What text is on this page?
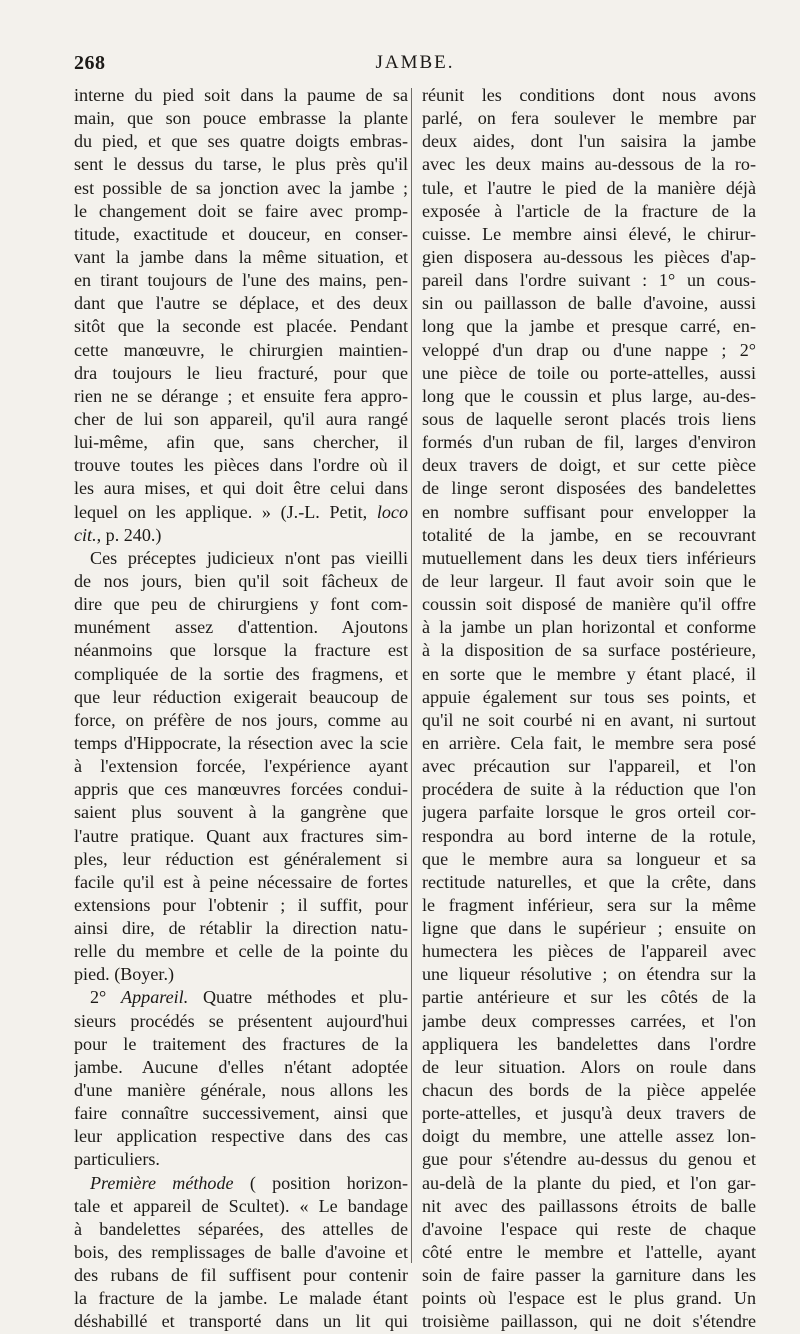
268	JAMBE.
interne du pied soit dans la paume de sa
main, que son pouce embrasse la plante
du pied, et que ses quatre doigts embras-
sent le dessus du tarse, le plus près qu'il
est possible de sa jonction avec la jambe ;
le changement doit se faire avec promp-
titude, exactitude et douceur, en conser-
vant la jambe dans la même situation, et
en tirant toujours de l'une des mains, pen-
dant que l'autre se déplace, et des deux
sitôt que la seconde est placée. Pendant
cette manœuvre, le chirurgien maintien-
dra toujours le lieu fracturé, pour que
rien ne se dérange ; et ensuite fera appro-
cher de lui son appareil, qu'il aura rangé
lui-même, afin que, sans chercher, il
trouve toutes les pièces dans l'ordre où il
les aura mises, et qui doit être celui dans
lequel on les applique. » (J.-L. Petit, loco
cit., p. 240.)
Ces préceptes judicieux n'ont pas vieilli
de nos jours, bien qu'il soit fâcheux de
dire que peu de chirurgiens y font com-
munément assez d'attention. Ajoutons
néanmoins que lorsque la fracture est
compliquée de la sortie des fragmens, et
que leur réduction exigerait beaucoup de
force, on préfère de nos jours, comme au
temps d'Hippocrate, la résection avec la scie
à l'extension forcée, l'expérience ayant
appris que ces manœuvres forcées condui-
saient plus souvent à la gangrène que
l'autre pratique. Quant aux fractures sim-
ples, leur réduction est généralement si
facile qu'il est à peine nécessaire de fortes
extensions pour l'obtenir ; il suffit, pour
ainsi dire, de rétablir la direction natu-
relle du membre et celle de la pointe du
pied. (Boyer.)
2° Appareil. Quatre méthodes et plu-
sieurs procédés se présentent aujourd'hui
pour le traitement des fractures de la
jambe. Aucune d'elles n'étant adoptée
d'une manière générale, nous allons les
faire connaître successivement, ainsi que
leur application respective dans des cas
particuliers.
Première méthode ( position horizon-
tale et appareil de Scultet). « Le bandage
à bandelettes séparées, des attelles de
bois, des remplissages de balle d'avoine et
des rubans de fil suffisent pour contenir
la fracture de la jambe. Le malade étant
déshabillé et transporté dans un lit qui
réunit les conditions dont nous avons
parlé, on fera soulever le membre par
deux aides, dont l'un saisira la jambe
avec les deux mains au-dessous de la ro-
tule, et l'autre le pied de la manière déjà
exposée à l'article de la fracture de la
cuisse. Le membre ainsi élevé, le chirur-
gien disposera au-dessous les pièces d'ap-
pareil dans l'ordre suivant : 1° un cous-
sin ou paillasson de balle d'avoine, aussi
long que la jambe et presque carré, en-
veloppé d'un drap ou d'une nappe ; 2°
une pièce de toile ou porte-attelles, aussi
long que le coussin et plus large, au-des-
sous de laquelle seront placés trois liens
formés d'un ruban de fil, larges d'environ
deux travers de doigt, et sur cette pièce
de linge seront disposées des bandelettes
en nombre suffisant pour envelopper la
totalité de la jambe, en se recouvrant
mutuellement dans les deux tiers inférieurs
de leur largeur. Il faut avoir soin que le
coussin soit disposé de manière qu'il offre
à la jambe un plan horizontal et conforme
à la disposition de sa surface postérieure,
en sorte que le membre y étant placé, il
appuie également sur tous ses points, et
qu'il ne soit courbé ni en avant, ni surtout
en arrière. Cela fait, le membre sera posé
avec précaution sur l'appareil, et l'on
procédera de suite à la réduction que l'on
jugera parfaite lorsque le gros orteil cor-
respondra au bord interne de la rotule,
que le membre aura sa longueur et sa
rectitude naturelles, et que la crête, dans
le fragment inférieur, sera sur la même
ligne que dans le supérieur ; ensuite on
humectera les pièces de l'appareil avec
une liqueur résolutive ; on étendra sur la
partie antérieure et sur les côtés de la
jambe deux compresses carrées, et l'on
appliquera les bandelettes dans l'ordre
de leur situation. Alors on roule dans
chacun des bords de la pièce appelée
porte-attelles, et jusqu'à deux travers de
doigt du membre, une attelle assez lon-
gue pour s'étendre au-dessus du genou et
au-delà de la plante du pied, et l'on gar-
nit avec des paillassons étroits de balle
d'avoine l'espace qui reste de chaque
côté entre le membre et l'attelle, ayant
soin de faire passer la garniture dans les
points où l'espace est le plus grand. Un
troisième paillasson, qui ne doit s'étendre
